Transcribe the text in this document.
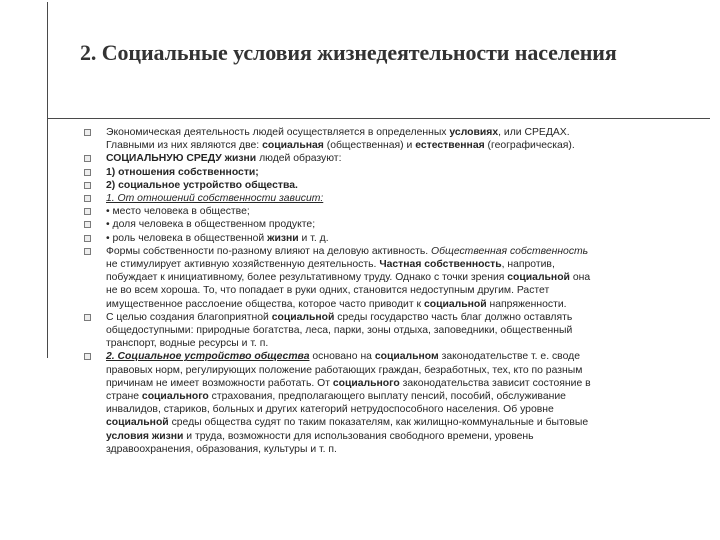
2. Социальные условия жизнедеятельности населения
Экономическая деятельность людей осуществляется в определенных условиях, или СРЕДАХ.
Главными из них являются две: социальная (общественная) и естественная (географическая).
СОЦИАЛЬНУЮ СРЕДУ жизни людей образуют:
1) отношения собственности;
2) социальное устройство общества.
1. От отношений собственности зависит:
• место человека в обществе;
• доля человека в общественном продукте;
• роль человека в общественной жизни и т. д.
Формы собственности по-разному влияют на деловую активность. Общественная собственность
не стимулирует активную хозяйственную деятельность. Частная собственность, напротив,
побуждает к инициативному, более результативному труду. Однако с точки зрения социальной она
не во всем хороша. То, что попадает в руки одних, становится недоступным другим. Растет
имущественное расслоение общества, которое часто приводит к социальной напряженности.
С целью создания благоприятной социальной среды государство часть благ должно оставлять
общедоступными: природные богатства, леса, парки, зоны отдыха, заповедники, общественный
транспорт, водные ресурсы и т. п.
2. Социальное устройство общества основано на социальном законодательстве т. е. своде
правовых норм, регулирующих положение работающих граждан, безработных, тех, кто по разным
причинам не имеет возможности работать. От социального законодательства зависит состояние в
стране социального страхования, предполагающего выплату пенсий, пособий, обслуживание
инвалидов, стариков, больных и других категорий нетрудоспособного населения. Об уровне
социальной среды общества судят по таким показателям, как жилищно-коммунальные и бытовые
условия жизни и труда, возможности для использования свободного времени, уровень
здравоохранения, образования, культуры и т. п.
